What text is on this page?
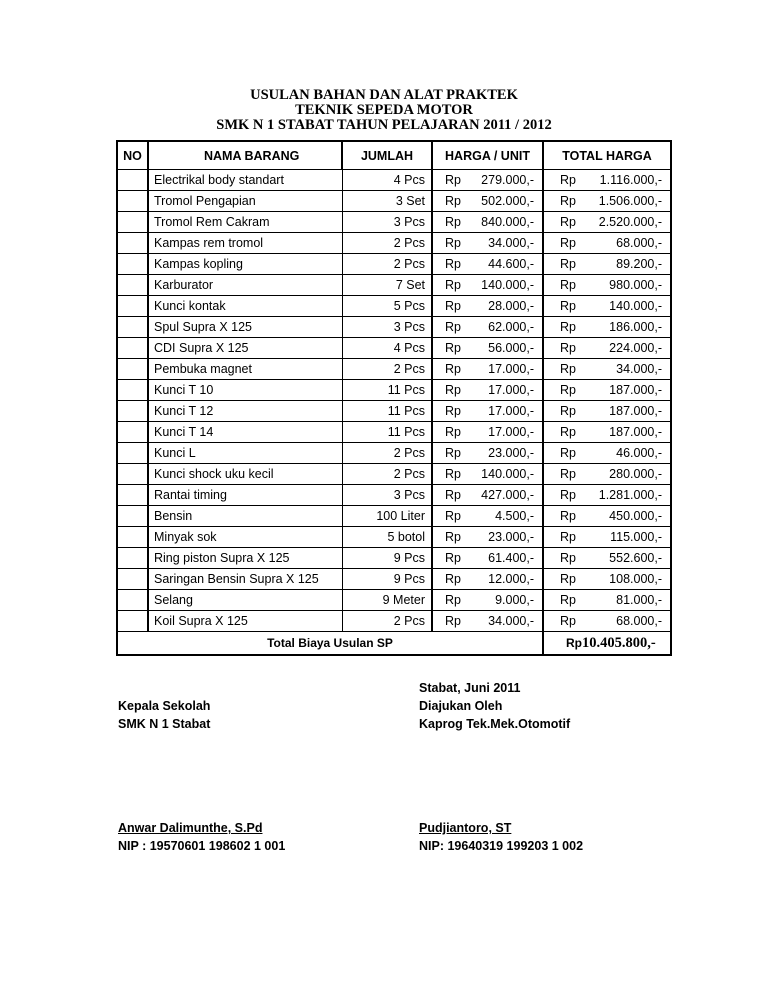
USULAN BAHAN DAN ALAT PRAKTEK
TEKNIK SEPEDA MOTOR
SMK N 1 STABAT TAHUN PELAJARAN 2011 / 2012
NO	NAMA BARANG	JUMLAH	HARGA / UNIT	TOTAL HARGA
	Electrikal body standart	4 Pcs	Rp 279.000,-	Rp 1.116.000,-

	Tromol Pengapian	3 Set	Rp 502.000,-	Rp 1.506.000,-

	Tromol Rem Cakram	3 Pcs	Rp 840.000,-	Rp 2.520.000,-

	Kampas rem tromol	2 Pcs	Rp 34.000,-	Rp 68.000,-

	Kampas kopling	2 Pcs	Rp 44.600,-	Rp 89.200,-

	Karburator	7 Set	Rp 140.000,-	Rp 980.000,-

	Kunci kontak	5 Pcs	Rp 28.000,-	Rp 140.000,-

	Spul Supra X 125	3 Pcs	Rp 62.000,-	Rp 186.000,-

	CDI Supra X 125	4 Pcs	Rp 56.000,-	Rp 224.000,-

	Pembuka magnet	2 Pcs	Rp 17.000,-	Rp 34.000,-

	Kunci T 10	11 Pcs	Rp 17.000,-	Rp 187.000,-

	Kunci T 12	11 Pcs	Rp 17.000,-	Rp 187.000,-

	Kunci T 14	11 Pcs	Rp 17.000,-	Rp 187.000,-

	Kunci L	2 Pcs	Rp 23.000,-	Rp 46.000,-

	Kunci shock uku kecil	2 Pcs	Rp 140.000,-	Rp 280.000,-

	Rantai timing	3 Pcs	Rp 427.000,-	Rp 1.281.000,-

	Bensin	100 Liter	Rp 4.500,-	Rp 450.000,-

	Minyak sok	5 botol	Rp 23.000,-	Rp 115.000,-

	Ring piston Supra X 125	9 Pcs	Rp 61.400,-	Rp 552.600,-

	Saringan Bensin Supra X 125	9 Pcs	Rp 12.000,-	Rp 108.000,-

	Selang	9 Meter	Rp 9.000,-	Rp 81.000,-

	Koil Supra X 125	2 Pcs	Rp 34.000,-	Rp 68.000,-

Total Biaya Usulan SP				Rp 10.405.800,-
Kepala Sekolah
SMK N 1 Stabat
Anwar Dalimunthe, S.Pd
NIP : 19570601 198602 1 001
Stabat, Juni 2011
Diajukan Oleh
Kaprog Tek.Mek.Otomotif
Pudjiantoro, ST
NIP: 19640319 199203 1 002
